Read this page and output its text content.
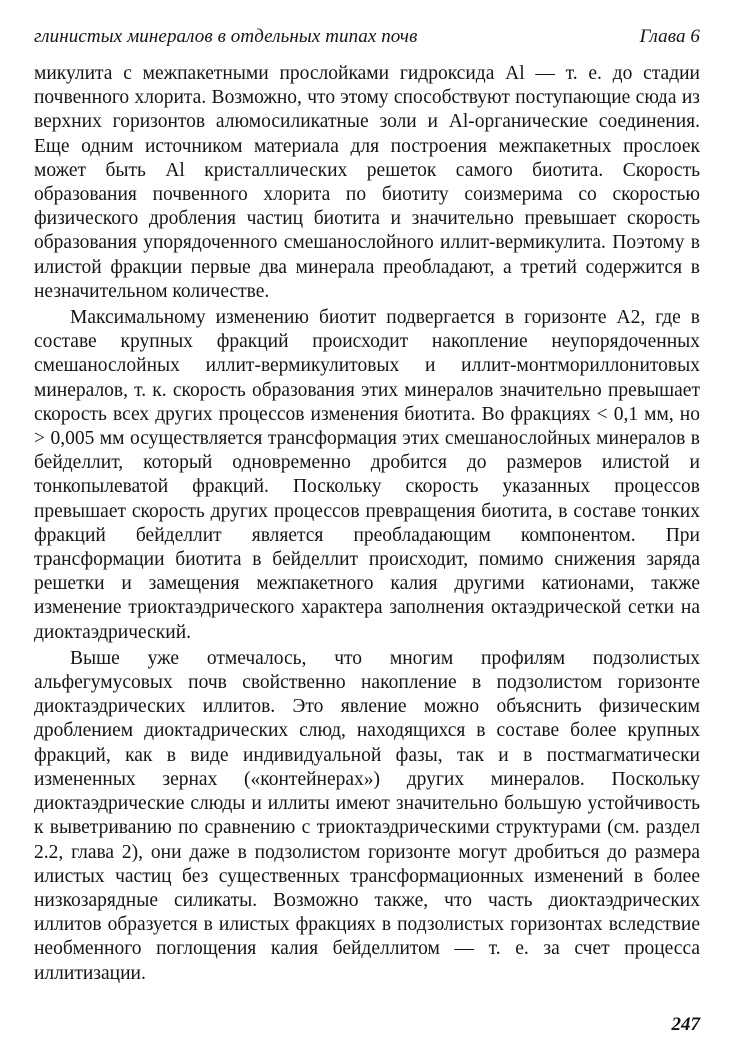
глинистых минералов в отдельных типах почв	Глава 6

микулита с межпакетными прослойками гидроксида Al — т. е. до стадии почвенного хлорита. Возможно, что этому способствуют поступающие сюда из верхних горизонтов алюмосиликатные золи и Al-органические соединения. Еще одним источником материала для построения межпакетных прослоек может быть Al кристаллических решеток самого биотита. Скорость образования почвенного хлорита по биотиту соизмерима со скоростью физического дробления частиц биотита и значительно превышает скорость образования упорядоченного смешанослойного иллит-вермикулита. Поэтому в илистой фракции первые два минерала преобладают, а третий содержится в незначительном количестве.

Максимальному изменению биотит подвергается в горизонте A2, где в составе крупных фракций происходит накопление неупорядоченных смешанослойных иллит-вермикулитовых и иллит-монтмориллонитовых минералов, т. к. скорость образования этих минералов значительно превышает скорость всех других процессов изменения биотита. Во фракциях < 0,1 мм, но > 0,005 мм осуществляется трансформация этих смешанослойных минералов в бейделлит, который одновременно дробится до размеров илистой и тонкопылеватой фракций. Поскольку скорость указанных процессов превышает скорость других процессов превращения биотита, в составе тонких фракций бейделлит является преобладающим компонентом. При трансформации биотита в бейделлит происходит, помимо снижения заряда решетки и замещения межпакетного калия другими катионами, также изменение триоктаэдрического характера заполнения октаэдрической сетки на диоктаэдрический.

Выше уже отмечалось, что многим профилям подзолистых альфегумусовых почв свойственно накопление в подзолистом горизонте диоктаэдрических иллитов. Это явление можно объяснить физическим дроблением диоктадрических слюд, находящихся в составе более крупных фракций, как в виде индивидуальной фазы, так и в постмагматически измененных зернах («контейнерах») других минералов. Поскольку диоктаэдрические слюды и иллиты имеют значительно большую устойчивость к выветриванию по сравнению с триоктаэдрическими структурами (см. раздел 2.2, глава 2), они даже в подзолистом горизонте могут дробиться до размера илистых частиц без существенных трансформационных изменений в более низкозарядные силикаты. Возможно также, что часть диоктаэдрических иллитов образуется в илистых фракциях в подзолистых горизонтах вследствие необменного поглощения калия бейделлитом — т. е. за счет процесса иллитизации.

247
